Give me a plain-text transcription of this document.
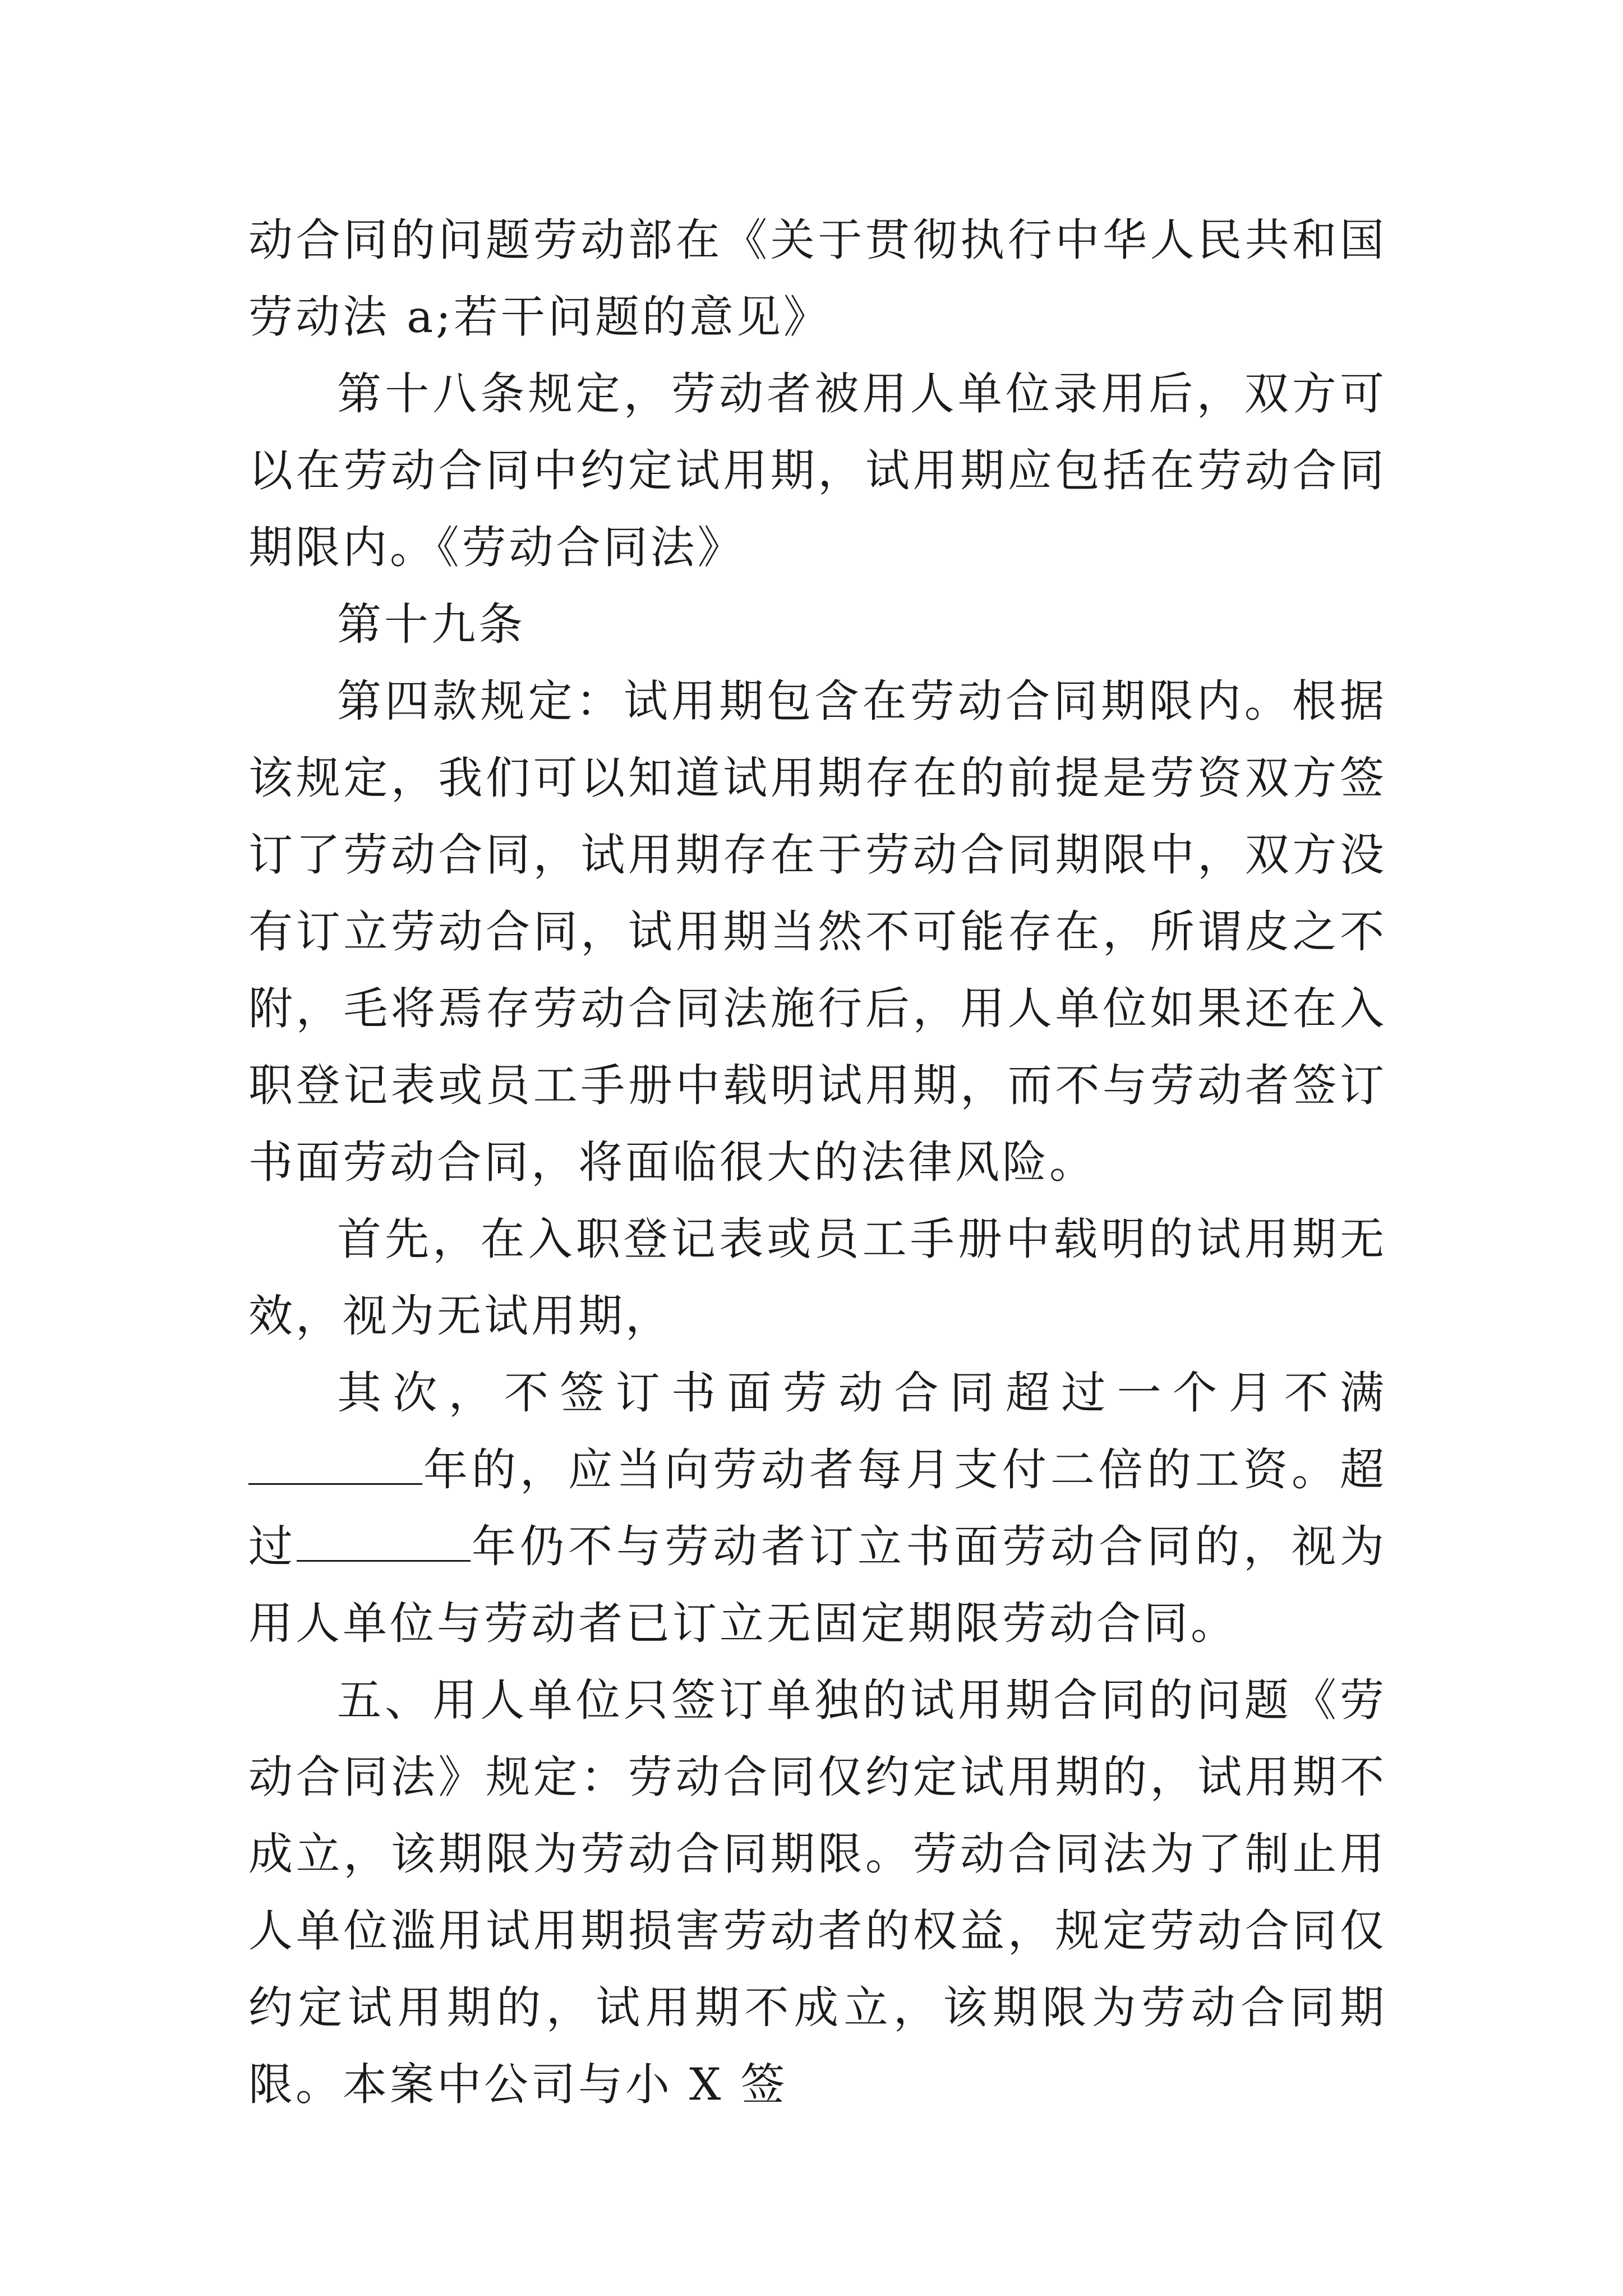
动合同的问题劳动部在《关于贯彻执行中华人民共和国劳动法 a;若干问题的意见》

第十八条规定，劳动者被用人单位录用后，双方可以在劳动合同中约定试用期，试用期应包括在劳动合同期限内。《劳动合同法》

第十九条

第四款规定：试用期包含在劳动合同期限内。根据该规定，我们可以知道试用期存在的前提是劳资双方签订了劳动合同，试用期存在于劳动合同期限中，双方没有订立劳动合同，试用期当然不可能存在，所谓皮之不附，毛将焉存劳动合同法施行后，用人单位如果还在入职登记表或员工手册中载明试用期，而不与劳动者签订书面劳动合同，将面临很大的法律风险。

首先，在入职登记表或员工手册中载明的试用期无效，视为无试用期，

其次，不签订书面劳动合同超过一个月不满年的，应当向劳动者每月支付二倍的工资。超过	年仍不与劳动者订立书面劳动合同的，视为用人单位与劳动者已订立无固定期限劳动合同。

五、用人单位只签订单独的试用期合同的问题《劳动合同法》规定：劳动合同仅约定试用期的，试用期不成立，该期限为劳动合同期限。劳动合同法为了制止用人单位滥用试用期损害劳动者的权益，规定劳动合同仅约定试用期的，试用期不成立，该期限为劳动合同期限。本案中公司与小 X 签
